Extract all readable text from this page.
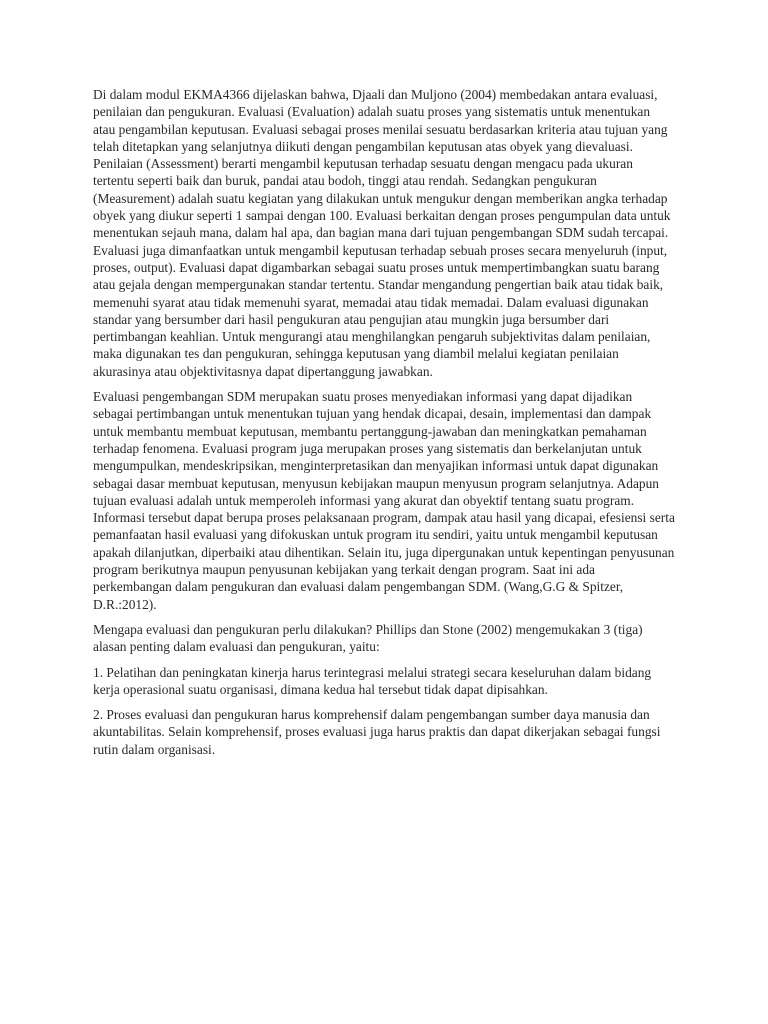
Di dalam modul EKMA4366 dijelaskan bahwa, Djaali dan Muljono (2004) membedakan antara evaluasi, penilaian dan pengukuran. Evaluasi (Evaluation) adalah suatu proses yang sistematis untuk menentukan atau pengambilan keputusan. Evaluasi sebagai proses menilai sesuatu berdasarkan kriteria atau tujuan yang telah ditetapkan yang selanjutnya diikuti dengan pengambilan keputusan atas obyek yang dievaluasi. Penilaian (Assessment) berarti mengambil keputusan terhadap sesuatu dengan mengacu pada ukuran tertentu seperti baik dan buruk, pandai atau bodoh, tinggi atau rendah. Sedangkan pengukuran (Measurement) adalah suatu kegiatan yang dilakukan untuk mengukur dengan memberikan angka terhadap obyek yang diukur seperti 1 sampai dengan 100. Evaluasi berkaitan dengan proses pengumpulan data untuk menentukan sejauh mana, dalam hal apa, dan bagian mana dari tujuan pengembangan SDM sudah tercapai. Evaluasi juga dimanfaatkan untuk mengambil keputusan terhadap sebuah proses secara menyeluruh (input, proses, output). Evaluasi dapat digambarkan sebagai suatu proses untuk mempertimbangkan suatu barang atau gejala dengan mempergunakan standar tertentu. Standar mengandung pengertian baik atau tidak baik, memenuhi syarat atau tidak memenuhi syarat, memadai atau tidak memadai. Dalam evaluasi digunakan standar yang bersumber dari hasil pengukuran atau pengujian atau mungkin juga bersumber dari pertimbangan keahlian. Untuk mengurangi atau menghilangkan pengaruh subjektivitas dalam penilaian, maka digunakan tes dan pengukuran, sehingga keputusan yang diambil melalui kegiatan penilaian akurasinya atau objektivitasnya dapat dipertanggung jawabkan.

Evaluasi pengembangan SDM merupakan suatu proses menyediakan informasi yang dapat dijadikan sebagai pertimbangan untuk menentukan tujuan yang hendak dicapai, desain, implementasi dan dampak untuk membantu membuat keputusan, membantu pertanggung-jawaban dan meningkatkan pemahaman terhadap fenomena. Evaluasi program juga merupakan proses yang sistematis dan berkelanjutan untuk mengumpulkan, mendeskripsikan, menginterpretasikan dan menyajikan informasi untuk dapat digunakan sebagai dasar membuat keputusan, menyusun kebijakan maupun menyusun program selanjutnya. Adapun tujuan evaluasi adalah untuk memperoleh informasi yang akurat dan obyektif tentang suatu program. Informasi tersebut dapat berupa proses pelaksanaan program, dampak atau hasil yang dicapai, efesiensi serta pemanfaatan hasil evaluasi yang difokuskan untuk program itu sendiri, yaitu untuk mengambil keputusan apakah dilanjutkan, diperbaiki atau dihentikan. Selain itu, juga dipergunakan untuk kepentingan penyusunan program berikutnya maupun penyusunan kebijakan yang terkait dengan program. Saat ini ada perkembangan dalam pengukuran dan evaluasi dalam pengembangan SDM. (Wang,G.G & Spitzer, D.R.:2012).

Mengapa evaluasi dan pengukuran perlu dilakukan? Phillips dan Stone (2002) mengemukakan 3 (tiga) alasan penting dalam evaluasi dan pengukuran, yaitu:

1. Pelatihan dan peningkatan kinerja harus terintegrasi melalui strategi secara keseluruhan dalam bidang kerja operasional suatu organisasi, dimana kedua hal tersebut tidak dapat dipisahkan.

2. Proses evaluasi dan pengukuran harus komprehensif dalam pengembangan sumber daya manusia dan akuntabilitas. Selain komprehensif, proses evaluasi juga harus praktis dan dapat dikerjakan sebagai fungsi rutin dalam organisasi.
